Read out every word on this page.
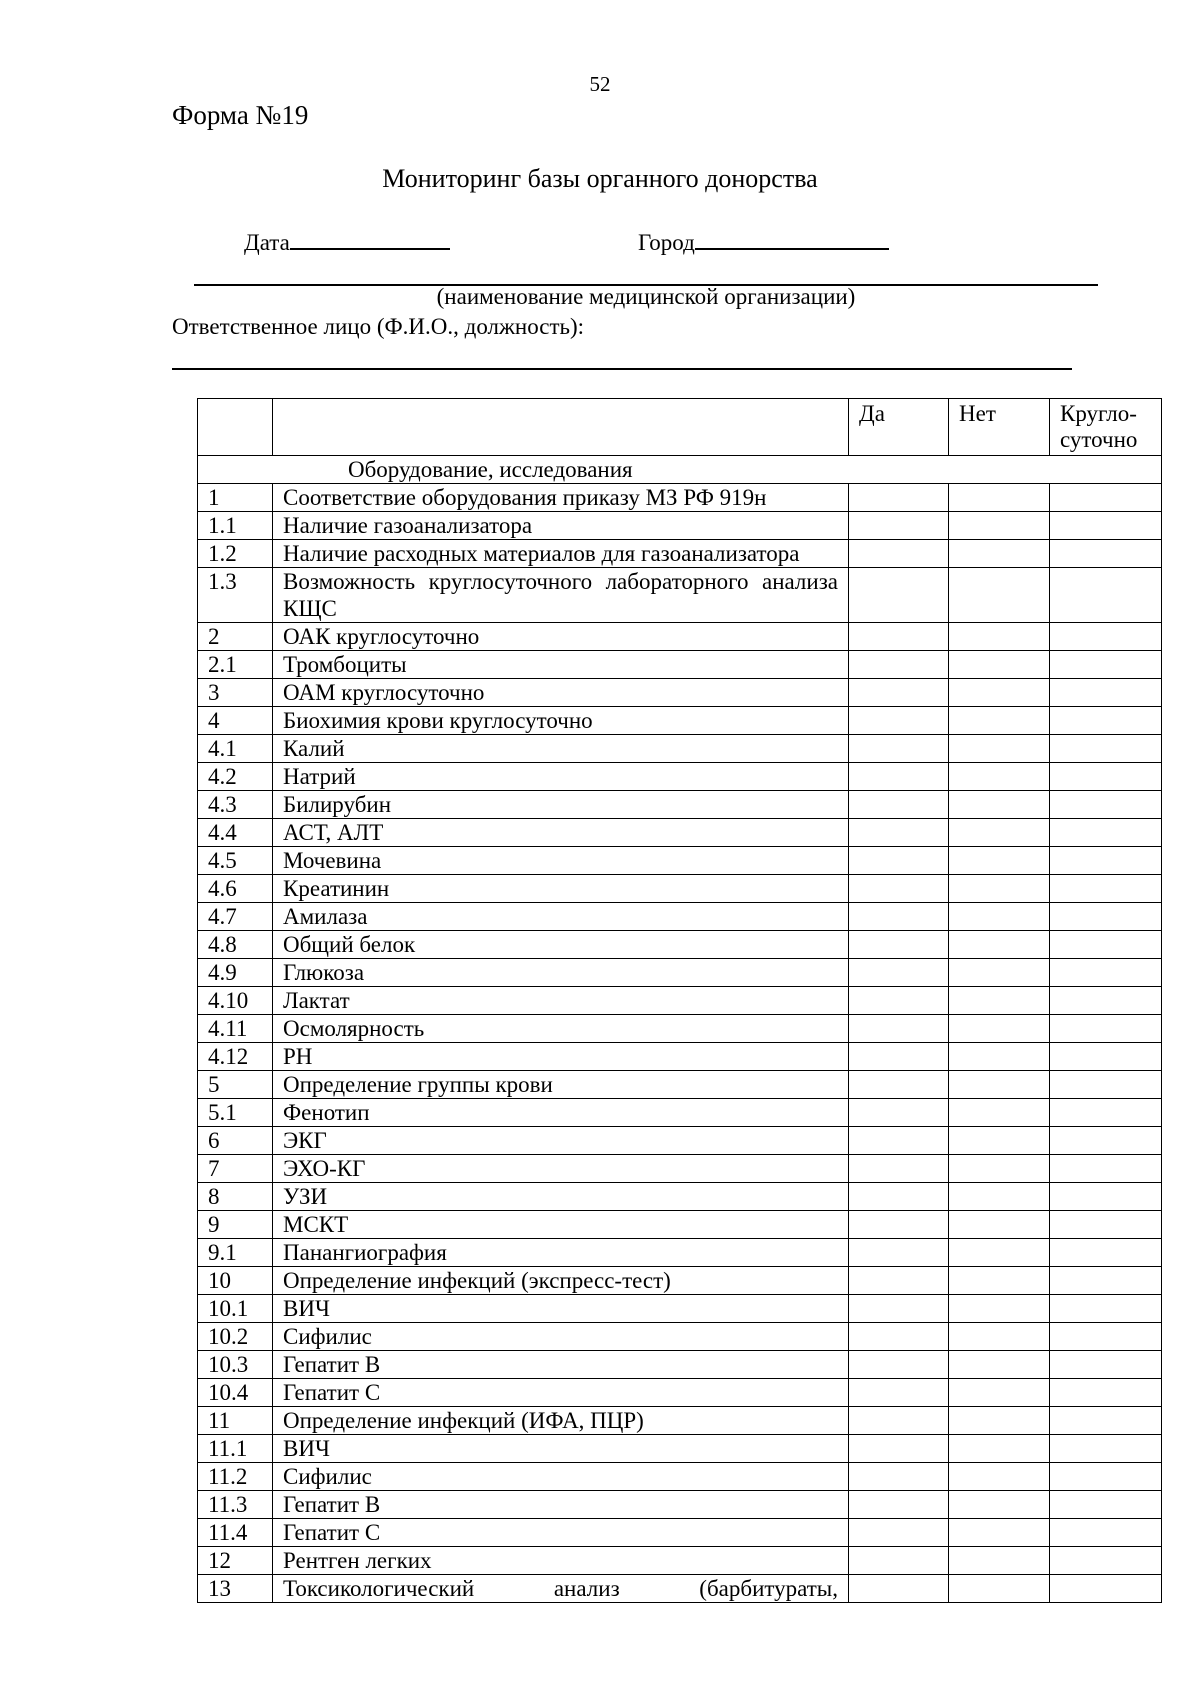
52
Форма №19
Мониторинг базы органного донорства
Дата	Город
(наименование медицинской организации)
Ответственное лицо (Ф.И.О., должность):
		Да	Нет	Кругло-
суточно
Оборудование, исследования				
1	Соответствие оборудования приказу МЗ РФ 919н			
1.1	Наличие газоанализатора			
1.2	Наличие расходных материалов для газоанализатора			
1.3	Возможность круглосуточного лабораторного анализа КЩС			
2	ОАК круглосуточно			
2.1	Тромбоциты			
3	ОАМ круглосуточно			
4	Биохимия крови круглосуточно			
4.1	Калий			
4.2	Натрий			
4.3	Билирубин			
4.4	АСТ, АЛТ			
4.5	Мочевина			
4.6	Креатинин			
4.7	Амилаза			
4.8	Общий белок			
4.9	Глюкоза			
4.10	Лактат			
4.11	Осмолярность			
4.12	РН			
5	Определение группы крови			
5.1	Фенотип			
6	ЭКГ			
7	ЭХО-КГ			
8	УЗИ			
9	МСКТ			
9.1	Панангиография			
10	Определение инфекций (экспресс-тест)			
10.1	ВИЧ			
10.2	Сифилис			
10.3	Гепатит В			
10.4	Гепатит С			
11	Определение инфекций (ИФА, ПЦР)			
11.1	ВИЧ			
11.2	Сифилис			
11.3	Гепатит В			
11.4	Гепатит С			
12	Рентген легких			
13	Токсикологический анализ (барбитураты,			
